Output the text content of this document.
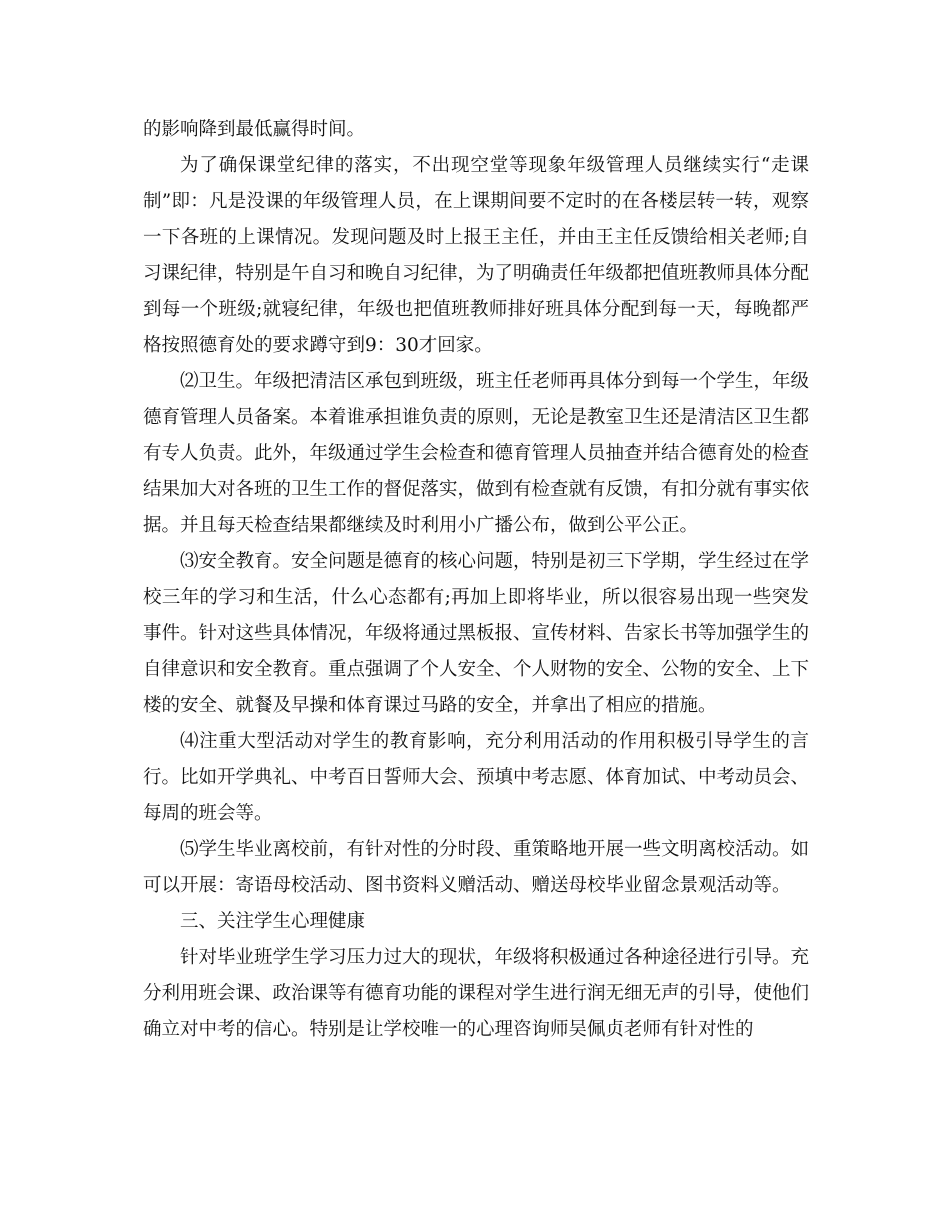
的影响降到最低赢得时间。

为了确保课堂纪律的落实，不出现空堂等现象年级管理人员继续实行“走课制”即：凡是没课的年级管理人员，在上课期间要不定时的在各楼层转一转，观察一下各班的上课情况。发现问题及时上报王主任，并由王主任反馈给相关老师;自习课纪律，特别是午自习和晚自习纪律，为了明确责任年级都把值班教师具体分配到每一个班级;就寝纪律，年级也把值班教师排好班具体分配到每一天，每晚都严格按照德育处的要求蹲守到9：30才回家。

⑵卫生。年级把清洁区承包到班级，班主任老师再具体分到每一个学生，年级德育管理人员备案。本着谁承担谁负责的原则，无论是教室卫生还是清洁区卫生都有专人负责。此外，年级通过学生会检查和德育管理人员抽查并结合德育处的检查结果加大对各班的卫生工作的督促落实，做到有检查就有反馈，有扣分就有事实依据。并且每天检查结果都继续及时利用小广播公布，做到公平公正。

⑶安全教育。安全问题是德育的核心问题，特别是初三下学期，学生经过在学校三年的学习和生活，什么心态都有;再加上即将毕业，所以很容易出现一些突发事件。针对这些具体情况，年级将通过黑板报、宣传材料、告家长书等加强学生的自律意识和安全教育。重点强调了个人安全、个人财物的安全、公物的安全、上下楼的安全、就餐及早操和体育课过马路的安全，并拿出了相应的措施。

⑷注重大型活动对学生的教育影响，充分利用活动的作用积极引导学生的言行。比如开学典礼、中考百日誓师大会、预填中考志愿、体育加试、中考动员会、每周的班会等。

⑸学生毕业离校前，有针对性的分时段、重策略地开展一些文明离校活动。如可以开展：寄语母校活动、图书资料义赠活动、赠送母校毕业留念景观活动等。

三、关注学生心理健康

针对毕业班学生学习压力过大的现状，年级将积极通过各种途径进行引导。充分利用班会课、政治课等有德育功能的课程对学生进行润无细无声的引导，使他们确立对中考的信心。特别是让学校唯一的心理咨询师吴佩贞老师有针对性的
